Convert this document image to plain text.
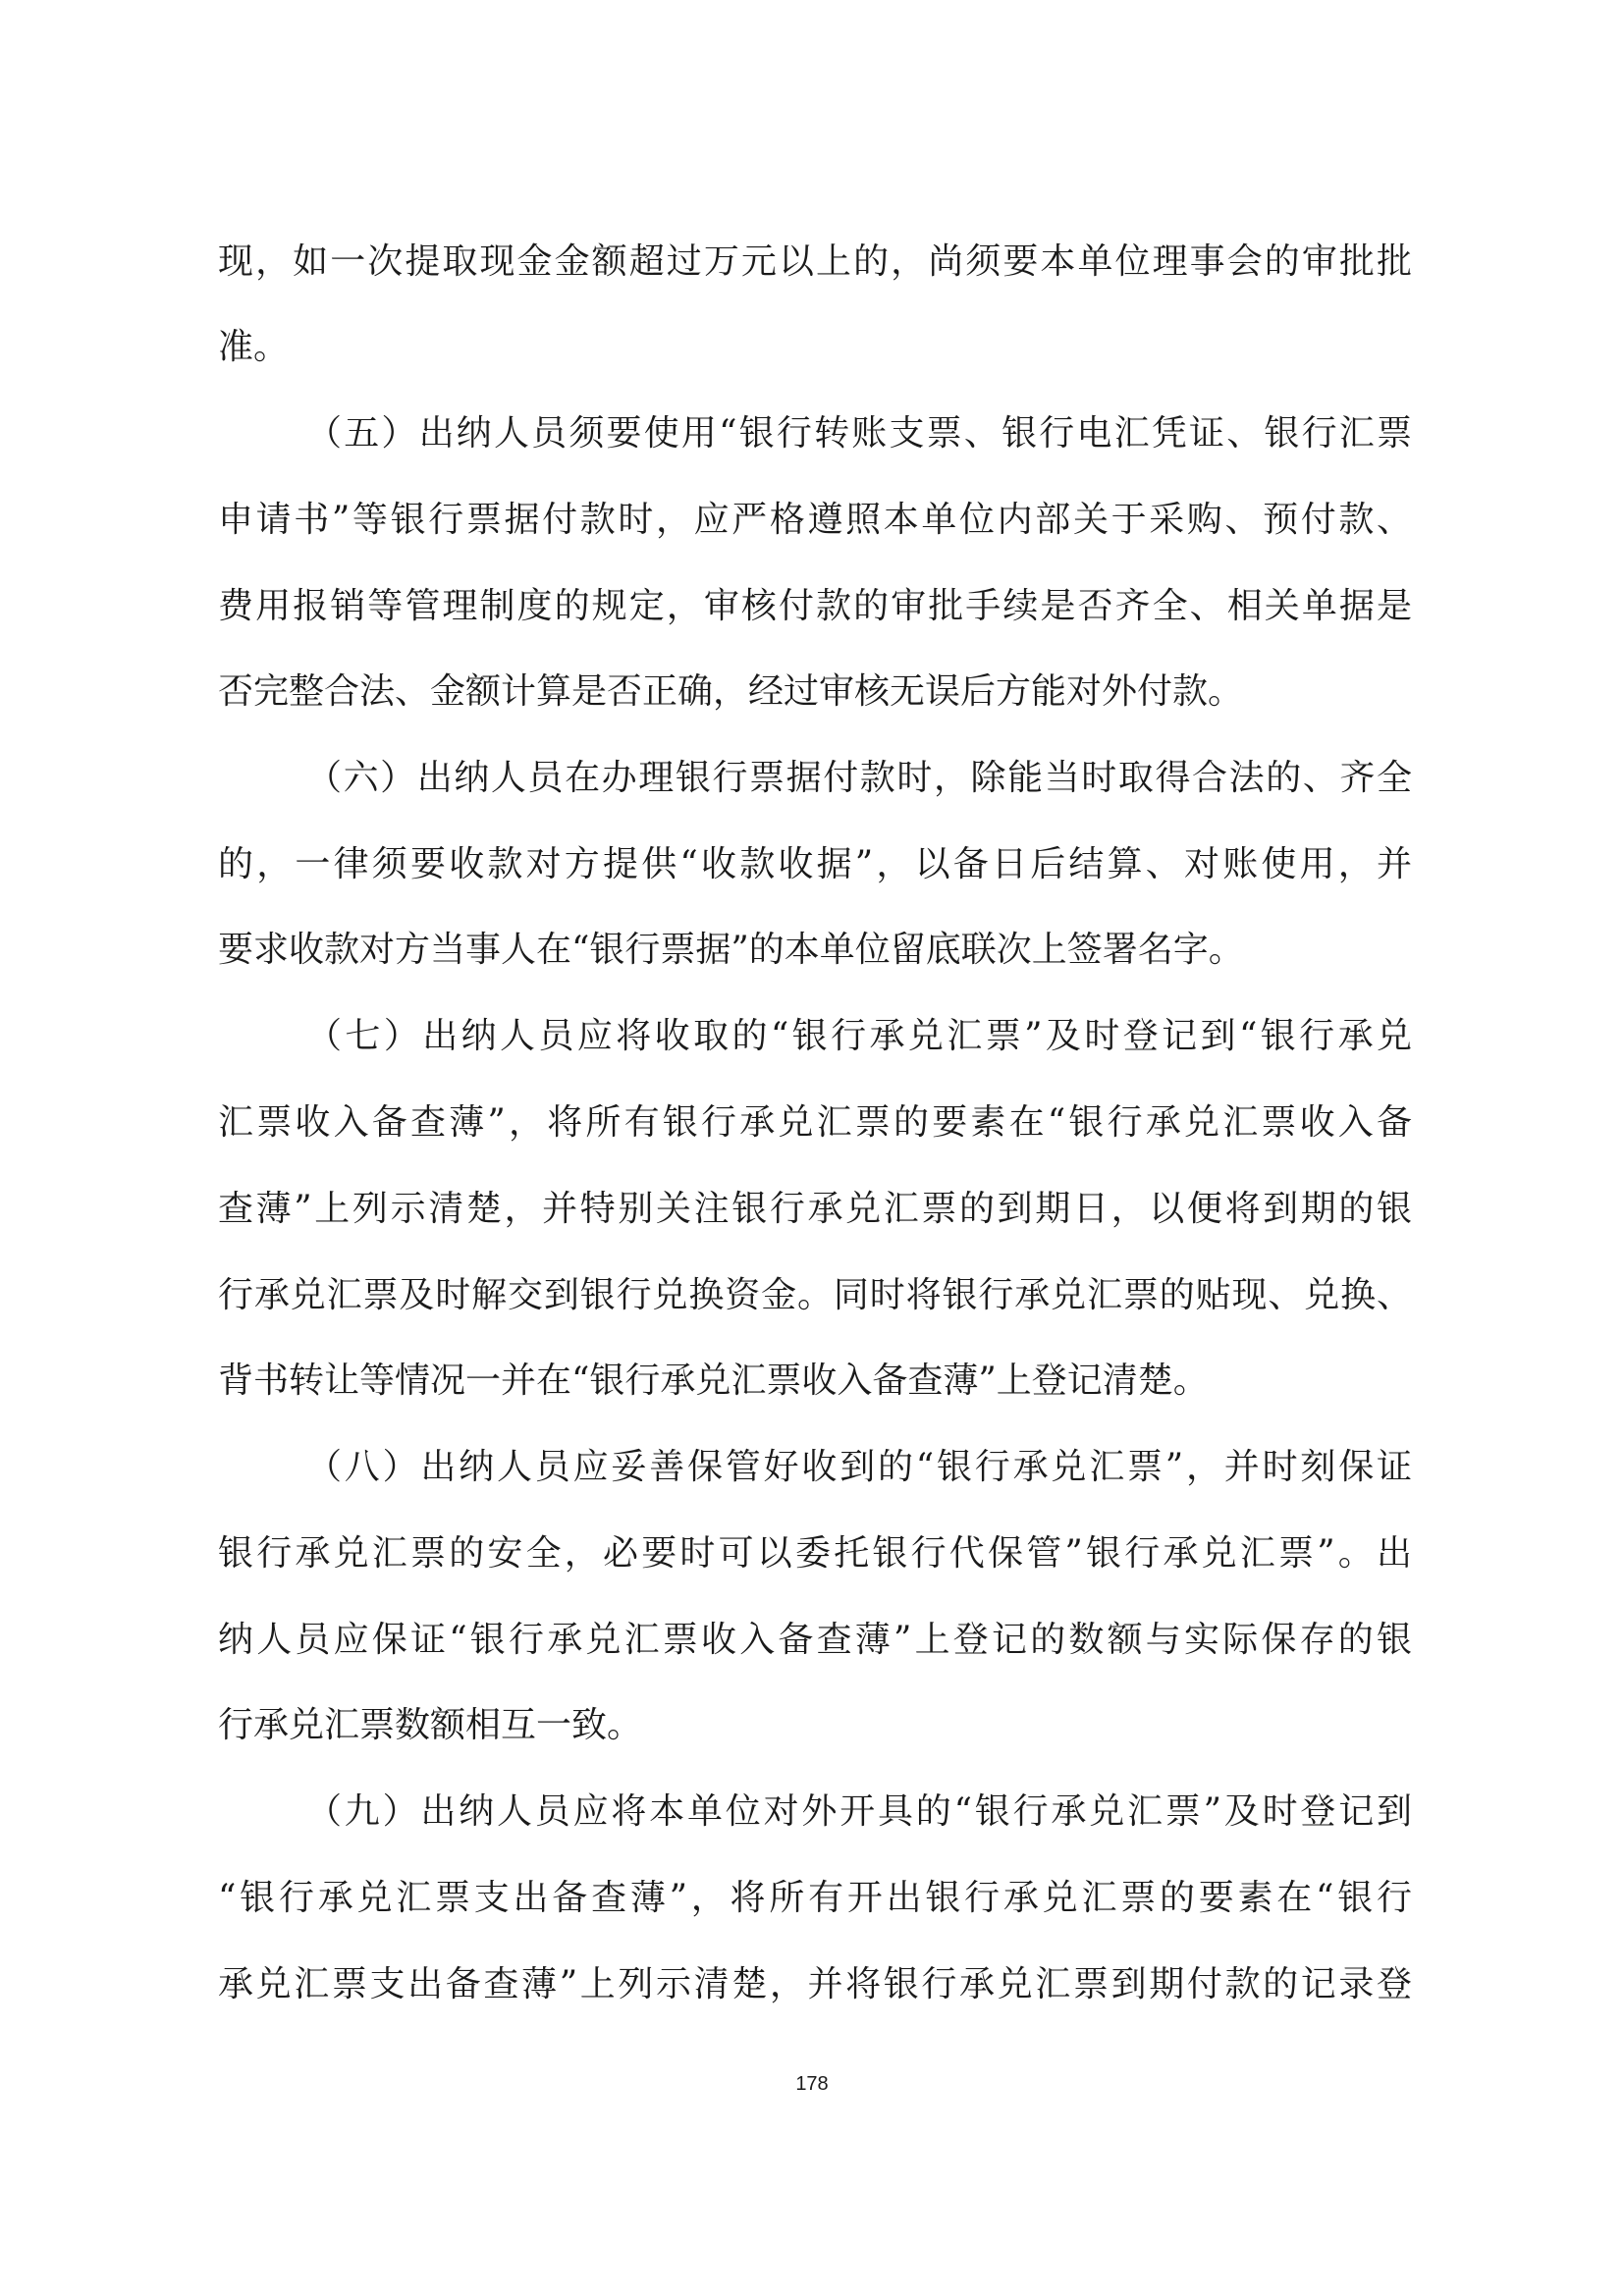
现，如一次提取现金金额超过万元以上的，尚须要本单位理事会的审批批
准。
（五）出纳人员须要使用“银行转账支票、银行电汇凭证、银行汇票
申请书”等银行票据付款时，应严格遵照本单位内部关于采购、预付款、
费用报销等管理制度的规定，审核付款的审批手续是否齐全、相关单据是
否完整合法、金额计算是否正确，经过审核无误后方能对外付款。
（六）出纳人员在办理银行票据付款时，除能当时取得合法的、齐全
的，一律须要收款对方提供“收款收据”，以备日后结算、对账使用，并
要求收款对方当事人在“银行票据”的本单位留底联次上签署名字。
（七）出纳人员应将收取的“银行承兑汇票”及时登记到“银行承兑
汇票收入备查薄”，将所有银行承兑汇票的要素在“银行承兑汇票收入备
查薄”上列示清楚，并特别关注银行承兑汇票的到期日，以便将到期的银
行承兑汇票及时解交到银行兑换资金。同时将银行承兑汇票的贴现、兑换、
背书转让等情况一并在“银行承兑汇票收入备查薄”上登记清楚。
（八）出纳人员应妥善保管好收到的“银行承兑汇票”，并时刻保证
银行承兑汇票的安全，必要时可以委托银行代保管”银行承兑汇票”。出
纳人员应保证“银行承兑汇票收入备查薄”上登记的数额与实际保存的银
行承兑汇票数额相互一致。
（九）出纳人员应将本单位对外开具的“银行承兑汇票”及时登记到
“银行承兑汇票支出备查薄”，将所有开出银行承兑汇票的要素在“银行
承兑汇票支出备查薄”上列示清楚，并将银行承兑汇票到期付款的记录登
178
